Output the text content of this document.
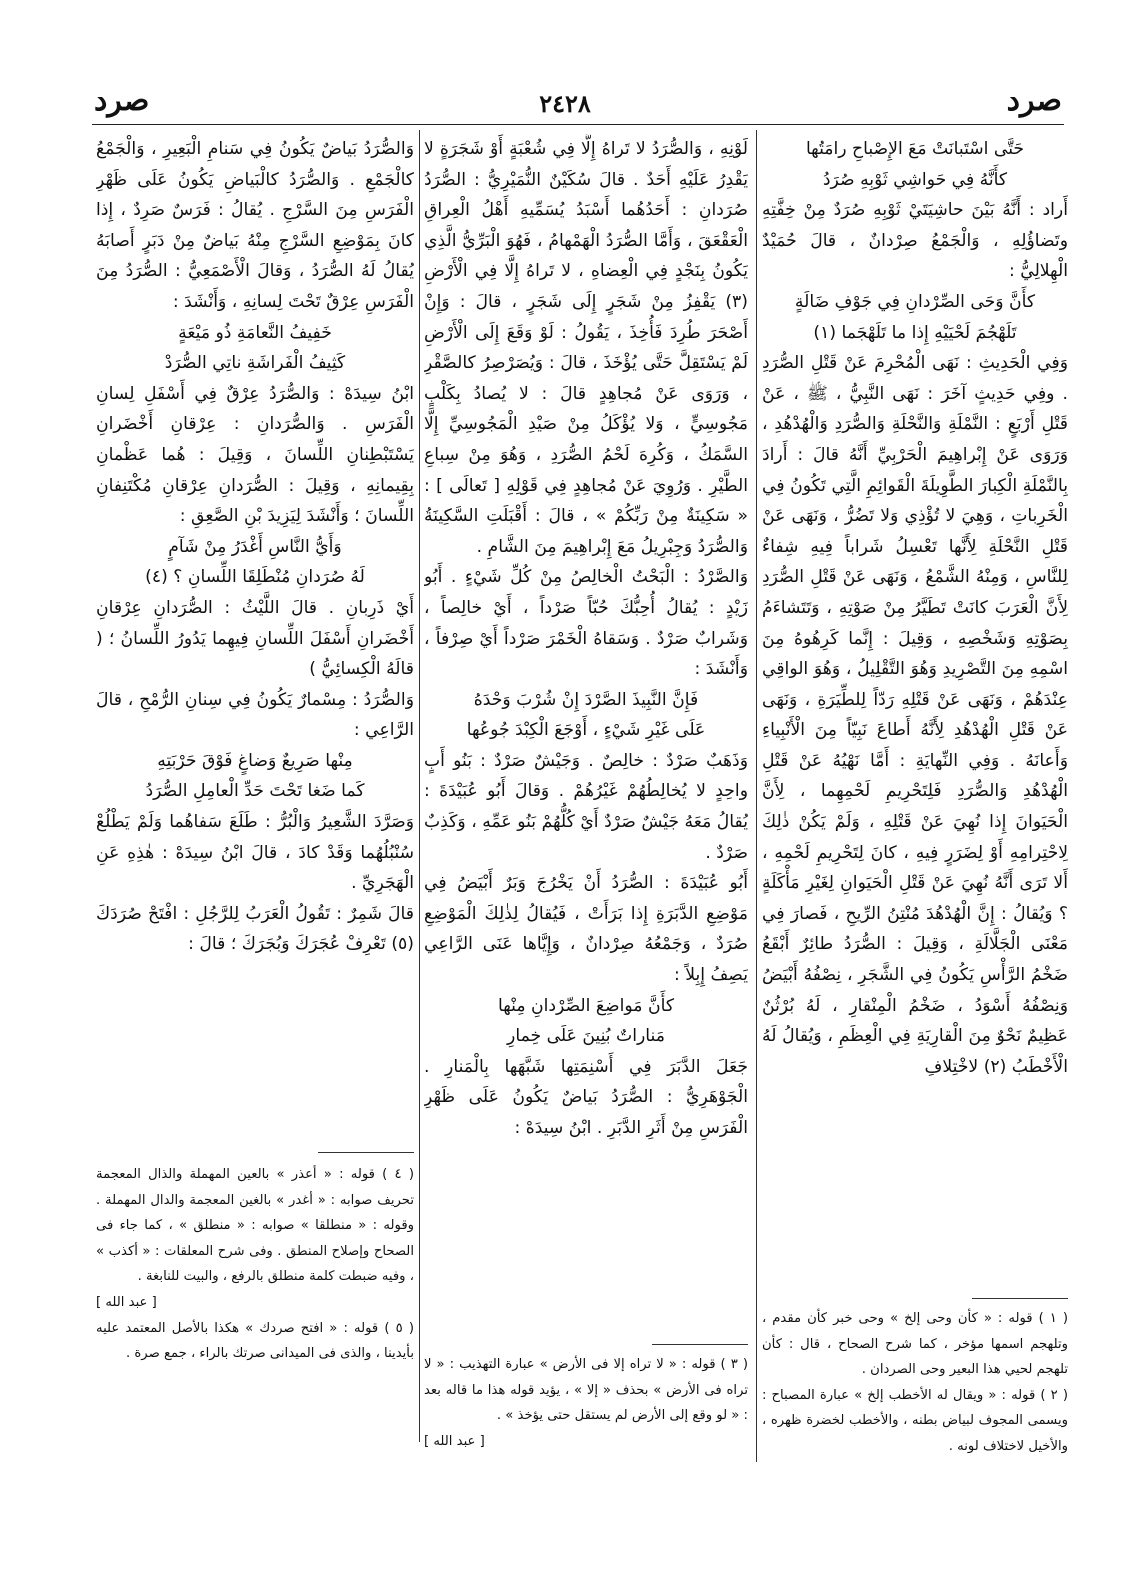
صرد	٢٤٢٨	صرد

حَتَّى اسْتَبانَتْ مَعَ الإِصْباحِ رامَتُها

كأَنَّهُ فِي حَواشِي ثَوْبِهِ صُرَدُ

أَراد : أَنَّهُ بَيْنَ حاشِيَتَيْ ثَوْبِهِ صُرَدٌ مِنْ خِفَّتِهِ وتَضاؤُلِهِ ، وَالْجَمْعُ صِرْدانٌ ، قالَ حُمَيْدٌ الْهِلالِيُّ :

كأَنَّ وَحَى الصِّرْدانِ فِي جَوْفِ ضَالَةٍ

تَلَهْجُمَ لَحْيَيْهِ إِذا ما تَلَهْجَما (١)

وَفِي الْحَدِيثِ : نَهَى الْمُحْرِمَ عَنْ قَتْلِ الصُّرَدِ . وفِي حَدِيثٍ آخَرَ : نَهَى النَّبِيُّ ، ﷺ ، عَنْ قَتْلِ أَرْبَعٍ : النَّمْلَةِ وَالنَّحْلَةِ وَالصُّرَدِ وَالْهُدْهُدِ ، وَرَوَى عَنْ إِبْراهِيمَ الْحَرْبِيِّ أَنَّهُ قالَ : أَرادَ بِالنَّمْلَةِ الْكِبارَ الطَّوِيلَةَ الْقَوائِمِ الَّتِي تَكُونُ فِي الْخَرِباتِ ، وَهِيَ لا تُؤْذِي وَلا تَضُرُّ ، وَنَهَى عَنْ قَتْلِ النَّحْلَةِ لِأَنَّها تَعْسِلُ شَراباً فِيهِ شِفاءٌ لِلنَّاسِ ، وَمِنْهُ الشَّمْعُ ، وَنَهَى عَنْ قَتْلِ الصُّرَدِ لِأَنَّ الْعَرَبَ كانَتْ تَطَيَّرُ مِنْ صَوْتِهِ ، وَتَتَشاءَمُ بِصَوْتِهِ وَشَخْصِهِ ، وَقِيلَ : إِنَّما كَرِهُوهُ مِنَ اسْمِهِ مِنَ التَّصْرِيدِ وَهُوَ التَّقْلِيلُ ، وَهُوَ الواقِي عِنْدَهُمْ ، وَنَهَى عَنْ قَتْلِهِ رَدّاً لِلطِّيَرَةِ ، وَنَهَى عَنْ قَتْلِ الْهُدْهُدِ لِأَنَّهُ أَطاعَ نَبِيّاً مِنَ الْأَنْبِياءِ وَأَعانَهُ . وَفِي النِّهايَةِ : أَمَّا نَهْيُهُ عَنْ قَتْلِ الْهُدْهُدِ وَالصُّرَدِ فَلِتَحْرِيمِ لَحْمِهِما ، لِأَنَّ الْحَيَوانَ إِذا نُهِيَ عَنْ قَتْلِهِ ، وَلَمْ يَكُنْ ذٰلِكَ لِاحْتِرامِهِ أَوْ لِضَرَرٍ فِيهِ ، كانَ لِتَحْرِيمِ لَحْمِهِ ، أَلا تَرَى أَنَّهُ نُهِيَ عَنْ قَتْلِ الْحَيَوانِ لِغَيْرِ مَأْكَلَةٍ ؟ وَيُقالُ : إِنَّ الْهُدْهُدَ مُنْتِنُ الرِّيحِ ، فَصارَ فِي مَعْنَى الْجَلَّالَةِ ، وَقِيلَ : الصُّرَدُ طائِرٌ أَبْقَعُ ضَخْمُ الرَّأْسِ يَكُونُ فِي الشَّجَرِ ، نِصْفُهُ أَبْيَضُ وَنِصْفُهُ أَسْوَدُ ، ضَخْمُ الْمِنْقارِ ، لَهُ بُرْثُنٌ عَظِيمٌ نَحْوٌ مِنَ الْقارِيَةِ فِي الْعِظَمِ ، وَيُقالُ لَهُ الْأَخْطَبُ (٢) لاخْتِلافِ

لَوْنِهِ ، وَالصُّرَدُ لا تَراهُ إِلَّا فِي شُعْبَةٍ أَوْ شَجَرَةٍ لا يَقْدِرُ عَلَيْهِ أَحَدٌ . قالَ سُكَيْنٌ النُّمَيْرِيُّ : الصُّرَدُ صُرَدانِ : أَحَدُهُما أَسْبَدُ يُسَمِّيهِ أَهْلُ الْعِراقِ الْعَقْعَقَ ، وَأَمَّا الصُّرَدُ الْهَمْهامُ ، فَهُوَ الْبَرِّيُّ الَّذِي يَكُونُ بِنَجْدٍ فِي الْعِضاهِ ، لا تَراهُ إِلَّا فِي الْأَرْضِ (٣) يَقْفِزُ مِنْ شَجَرٍ إِلَى شَجَرٍ ، قالَ : وَإِنْ أَصْحَرَ طُرِدَ فَأُخِذَ ، يَقُولُ : لَوْ وَقَعَ إِلَى الْأَرْضِ لَمْ يَسْتَقِلَّ حَتَّى يُؤْخَذَ ، قالَ : وَيُصَرْصِرُ كالصَّقْرِ ، وَرَوَى عَنْ مُجاهِدٍ قالَ : لا يُصادُ بِكَلْبٍ مَجُوسِيٍّ ، وَلا يُؤْكَلُ مِنْ صَيْدِ الْمَجُوسِيِّ إِلَّا السَّمَكُ ، وَكُرِهَ لَحْمُ الصُّرَدِ ، وَهُوَ مِنْ سِباعِ الطَّيْرِ . وَرُوِيَ عَنْ مُجاهِدٍ فِي قَوْلِهِ [ تَعالَى ] : « سَكِينَةٌ مِنْ رَبِّكُمْ » ، قالَ : أَقْبَلَتِ السَّكِينَةُ وَالصُّرَدُ وَجِبْرِيلُ مَعَ إِبْراهِيمَ مِنَ الشَّامِ .

وَالصَّرْدُ : الْبَحْتُ الْخالِصُ مِنْ كُلِّ شَيْءٍ . أَبُو زَيْدٍ : يُقالُ أُحِبُّكَ حُبّاً صَرْداً ، أَيْ خالِصاً ، وَشَرابٌ صَرْدٌ . وَسَقاهُ الْخَمْرَ صَرْداً أَيْ صِرْفاً ، وَأَنْشَدَ :

فَإِنَّ النَّبِيذَ الصَّرْدَ إِنْ شُرْبَ وَحْدَهُ

عَلَى غَيْرِ شَيْءٍ ، أَوْجَعَ الْكِبْدَ جُوعُها

وَذَهَبٌ صَرْدٌ : خالِصٌ . وَجَيْشٌ صَرْدٌ : بَنُو أَبٍ واحِدٍ لا يُخالِطُهُمْ غَيْرُهُمْ . وَقالَ أَبُو عُبَيْدَةَ : يُقالُ مَعَهُ جَيْشٌ صَرْدٌ أَيْ كُلُّهُمْ بَنُو عَمِّهِ ، وَكَذِبٌ صَرْدٌ .

أَبُو عُبَيْدَةَ : الصُّرَدُ أَنْ يَخْرُجَ وَبَرٌ أَبْيَضُ فِي مَوْضِعِ الدَّبَرَةِ إِذا بَرَأَتْ ، فَيُقالُ لِذٰلِكَ الْمَوْضِعِ صُرَدٌ ، وَجَمْعُهُ صِرْدانٌ ، وَإِيَّاها عَنَى الرَّاعِي يَصِفُ إِبِلاً :

كأَنَّ مَواضِعَ الصِّرْدانِ مِنْها

مَناراتٌ بُنِينَ عَلَى خِمارِ

جَعَلَ الدَّبَرَ فِي أَسْنِمَتِها شَبَّهَها بِالْمَنارِ . الْجَوْهَرِيُّ : الصُّرَدُ بَياضٌ يَكُونُ عَلَى ظَهْرِ الْفَرَسِ مِنْ أَثَرِ الدَّبَرِ . ابْنُ سِيدَهْ :

وَالصُّرَدُ بَياضٌ يَكُونُ فِي سَنامِ الْبَعِيرِ ، وَالْجَمْعُ كالْجَمْعِ . وَالصُّرَدُ كالْبَياضِ يَكُونُ عَلَى ظَهْرِ الْفَرَسِ مِنَ السَّرْجِ . يُقالُ : فَرَسٌ صَرِدٌ ، إِذا كانَ بِمَوْضِعِ السَّرْجِ مِنْهُ بَياضٌ مِنْ دَبَرٍ أَصابَهُ يُقالُ لَهُ الصُّرَدُ ، وَقالَ الْأَصْمَعِيُّ : الصُّرَدُ مِنَ الْفَرَسِ عِرْقٌ تَحْتَ لِسانِهِ ، وَأَنْشَدَ :

خَفِيفُ النَّعامَةِ ذُو مَيْعَةٍ

كَثِيفُ الْفَراشَةِ ناتِي الصُّرَدْ

ابْنُ سِيدَهْ : وَالصُّرَدُ عِرْقٌ فِي أَسْفَلِ لِسانِ الْفَرَسِ . وَالصُّرَدانِ : عِرْقانِ أَخْضَرانِ يَسْتَبْطِنانِ اللِّسانَ ، وَقِيلَ : هُما عَظْمانِ بِقِيمانِهِ ، وَقِيلَ : الصُّرَدانِ عِرْقانِ مُكْتَنِفانِ اللِّسانَ ؛ وَأَنْشَدَ لِيَزِيدَ بْنِ الصَّعِقِ :

وَأَيُّ النَّاسِ أَغْدَرُ مِنْ شَآمٍ

لَهُ صُرَدانِ مُنْطَلِقَا اللِّسانِ ؟ (٤)

أَيْ ذَرِبانِ . قالَ اللَّيْثُ : الصُّرَدانِ عِرْقانِ أَخْضَرانِ أَسْفَلَ اللِّسانِ فِيهِما يَدُورُ اللِّسانُ ؛ ( قالَهُ الْكِسائِيُّ )

وَالصُّرَدُ : مِسْمارٌ يَكُونُ فِي سِنانِ الرُّمْحِ ، قالَ الرَّاعِي :

مِنْها صَرِيعٌ وَضاغٍ فَوْقَ حَرْبَتِهِ

كَما ضَغا تَحْتَ حَدِّ الْعامِلِ الصُّرَدُ

وَصَرَّدَ الشَّعِيرُ وَالْبُرُّ : طَلَعَ سَفاهُما وَلَمْ يَطْلُعْ سُنْبُلُهُما وَقَدْ كادَ ، قالَ ابْنُ سِيدَهْ : هٰذِهِ عَنِ الْهَجَرِيِّ .

قالَ شَمِرٌ : تَقُولُ الْعَرَبُ لِلرَّجُلِ : افْتَحْ صُرَدَكَ (٥) تَعْرِفْ عُجَرَكَ وَبُجَرَكَ ؛ قالَ :

( ١ ) قوله : « كأن وحى إلخ » وحى خبر كأن مقدم ، وتلهجم اسمها مؤخر ، كما شرح الصحاح ، قال : كأن تلهجم لحيي هذا البعير وحى الصردان .

( ٢ ) قوله : « ويقال له الأخطب إلخ » عبارة المصباح : ويسمى المجوف لبياض بطنه ، والأخطب لخضرة ظهره ، والأخيل لاختلاف لونه .

( ٣ ) قوله : « لا تراه إلا فى الأرض » عبارة التهذيب : « لا تراه فى الأرض » بحذف « إلا » ، يؤيد قوله هذا ما قاله بعد : « لو وقع إلى الأرض لم يستقل حتى يؤخذ » .

[ عبد الله ]

( ٤ ) قوله : « أعذر » بالعين المهملة والذال المعجمة تحريف صوابه : « أغدر » بالغين المعجمة والدال المهملة . وقوله : « منطلقا » صوابه : « منطلق » ، كما جاء فى الصحاح وإصلاح المنطق . وفى شرح المعلقات : « أكذب » ، وفيه ضبطت كلمة منطلق بالرفع ، والبيت للنابغة .

[ عبد الله ]

( ٥ ) قوله : « افتح صردك » هكذا بالأصل المعتمد عليه بأيدينا ، والذى فى الميدانى صرتك بالراء ، جمع صرة .
